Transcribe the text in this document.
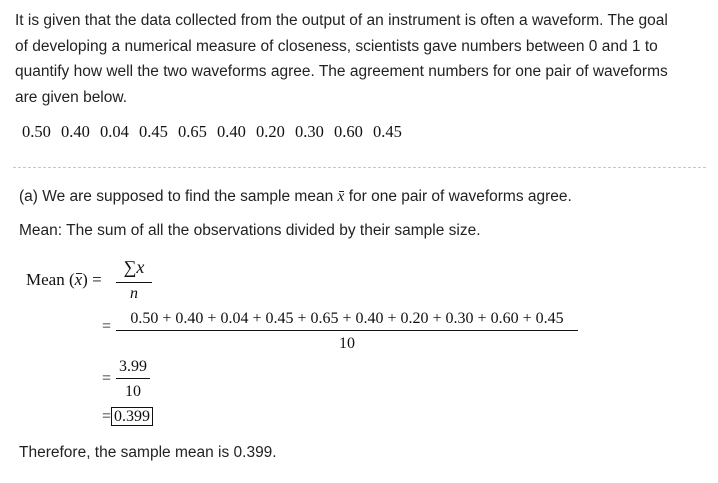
It is given that the data collected from the output of an instrument is often a waveform. The goal

of developing a numerical measure of closeness, scientists gave numbers between 0 and 1 to

quantify how well the two waveforms agree. The agreement numbers for one pair of waveforms

are given below.

0.50 0.40 0.04 0.45 0.65 0.40 0.20 0.30 0.60 0.45
(a) We are supposed to find the sample mean x for one pair of waveforms agree.
Mean: The sum of all the observations divided by their sample size.
Mean $(x) = \frac{\sum x}{n}$
=	0.50 + 0.40 + 0.04 + 0.45 + 0.65 + 0.40 + 0.20 + 0.30 + 0.60 + 0.45
10
= $\frac{3.99}{10}$
= 0.399
Therefore, the sample mean is 0.399.
